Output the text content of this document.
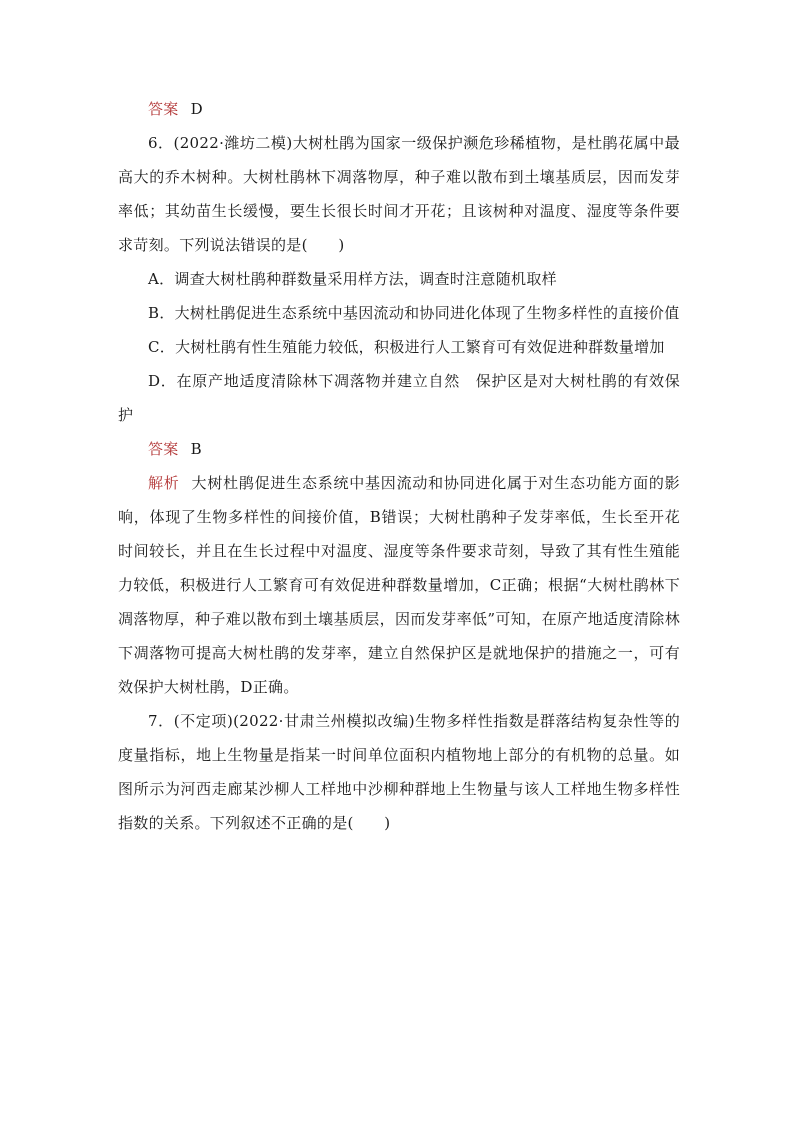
答案 D

6．(2022·潍坊二模)大树杜鹃为国家一级保护濒危珍稀植物，是杜鹃花属中最高大的乔木树种。大树杜鹃林下凋落物厚，种子难以散布到土壤基质层，因而发芽率低；其幼苗生长缓慢，要生长很长时间才开花；且该树种对温度、湿度等条件要求苛刻。下列说法错误的是(　　)

A．调查大树杜鹃种群数量采用样方法，调查时注意随机取样

B．大树杜鹃促进生态系统中基因流动和协同进化体现了生物多样性的直接价值

C．大树杜鹃有性生殖能力较低，积极进行人工繁育可有效促进种群数量增加

D．在原产地适度清除林下凋落物并建立自然　保护区是对大树杜鹃的有效保护

答案 B

解析 大树杜鹃促进生态系统中基因流动和协同进化属于对生态功能方面的影响，体现了生物多样性的间接价值，B错误；大树杜鹃种子发芽率低，生长至开花时间较长，并且在生长过程中对温度、湿度等条件要求苛刻，导致了其有性生殖能力较低，积极进行人工繁育可有效促进种群数量增加，C正确；根据“大树杜鹃林下凋落物厚，种子难以散布到土壤基质层，因而发芽率低”可知，在原产地适度清除林下凋落物可提高大树杜鹃的发芽率，建立自然保护区是就地保护的措施之一，可有效保护大树杜鹃，D正确。

7．(不定项)(2022·甘肃兰州模拟改编)生物多样性指数是群落结构复杂性等的度量指标，地上生物量是指某一时间单位面积内植物地上部分的有机物的总量。如图所示为河西走廊某沙柳人工样地中沙柳种群地上生物量与该人工样地生物多样性指数的关系。下列叙述不正确的是(　　)
